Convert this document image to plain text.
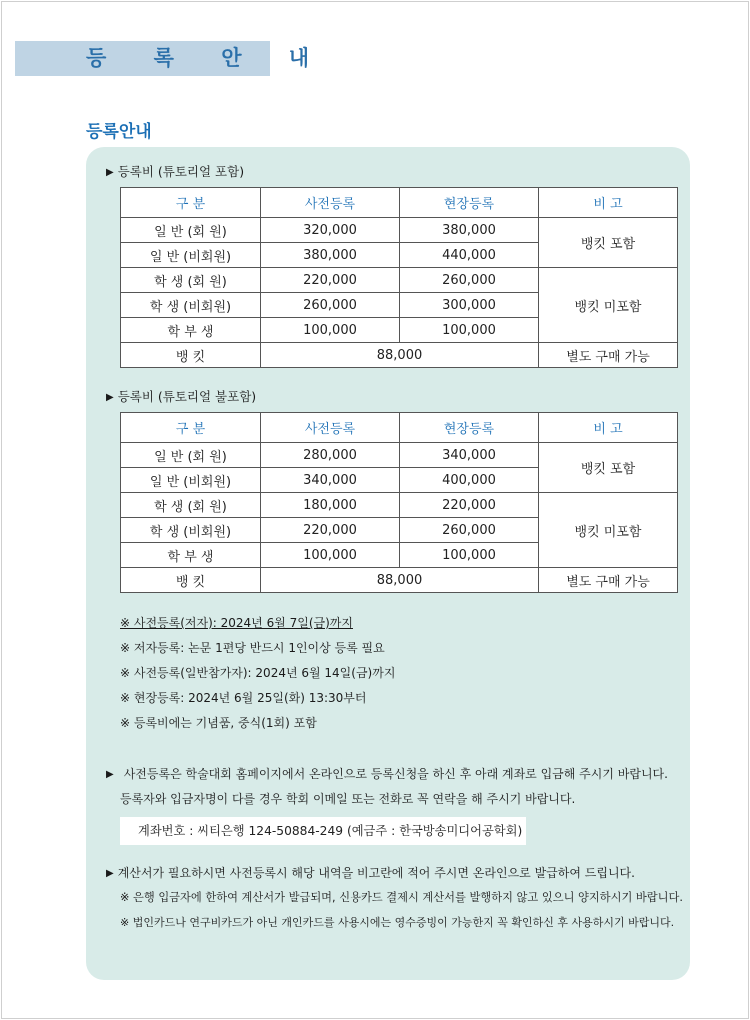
등 록 안 내
등록안내
▶ 등록비 (튜토리얼 포함)
구 분	사전등록	현장등록	비 고
일 반 (회 원)	320,000	380,000	뱅킷 포함
일 반 (비회원)	380,000	440,000	
학 생 (회 원)	220,000	260,000	뱅킷 미포함
학 생 (비회원)	260,000	300,000	
학 부 생	100,000	100,000	
뱅 킷	88,000		별도 구매 가능
▶ 등록비 (튜토리얼 불포함)
구 분	사전등록	현장등록	비 고
일 반 (회 원)	280,000	340,000	뱅킷 포함
일 반 (비회원)	340,000	400,000	
학 생 (회 원)	180,000	220,000	뱅킷 미포함
학 생 (비회원)	220,000	260,000	
학 부 생	100,000	100,000	
뱅 킷	88,000		별도 구매 가능
※ 사전등록(저자): 2024년 6월 7일(금)까지
※ 저자등록: 논문 1편당 반드시 1인이상 등록 필요
※ 사전등록(일반참가자): 2024년 6월 14일(금)까지
※ 현장등록: 2024년 6월 25일(화) 13:30부터
※ 등록비에는 기념품, 중식(1회) 포함
▶ 사전등록은 학술대회 홈페이지에서 온라인으로 등록신청을 하신 후 아래 계좌로 입금해 주시기 바랍니다.
등록자와 입금자명이 다를 경우 학회 이메일 또는 전화로 꼭 연락을 해 주시기 바랍니다.
계좌번호 : 씨티은행 124-50884-249 (예금주 : 한국방송미디어공학회)
▶ 계산서가 필요하시면 사전등록시 해당 내역을 비고란에 적어 주시면 온라인으로 발급하여 드립니다.
※ 은행 입금자에 한하여 계산서가 발급되며, 신용카드 결제시 계산서를 발행하지 않고 있으니 양지하시기 바랍니다.
※ 법인카드나 연구비카드가 아닌 개인카드를 사용시에는 영수증빙이 가능한지 꼭 확인하신 후 사용하시기 바랍니다.
